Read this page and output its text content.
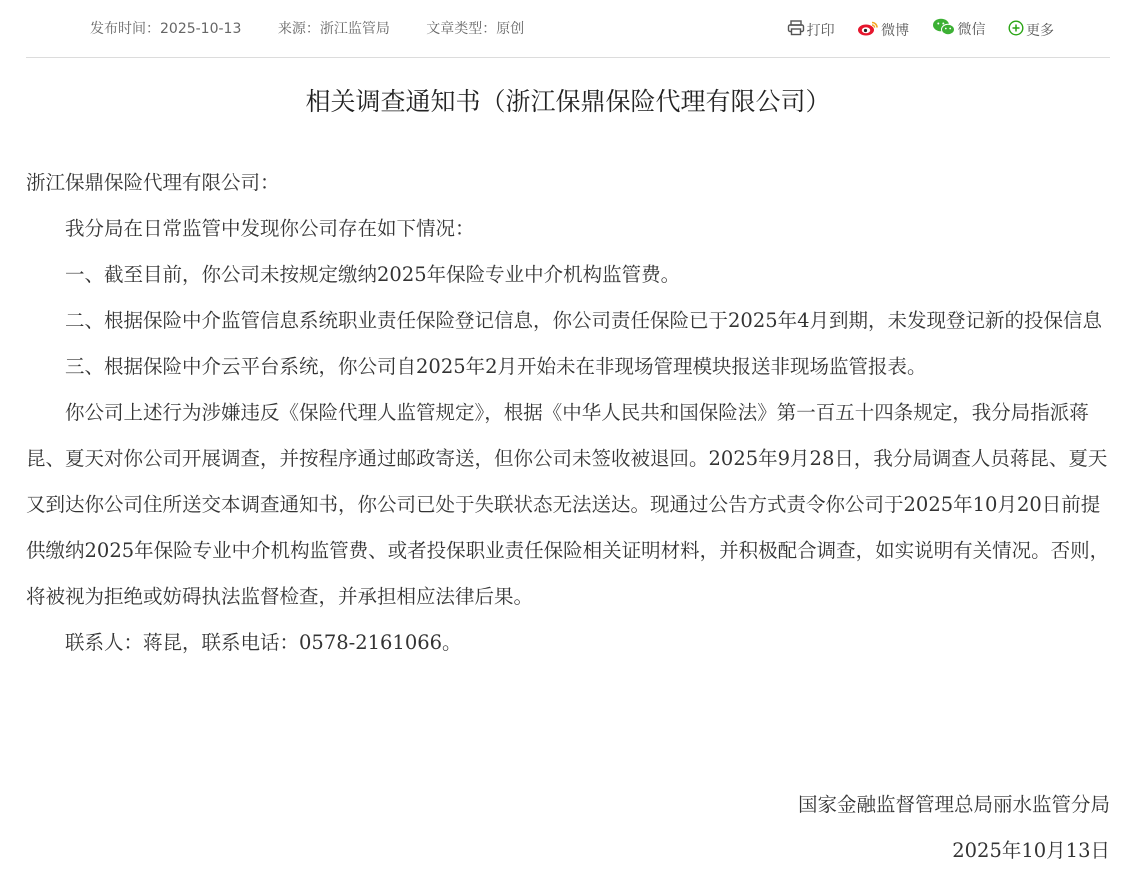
发布时间：2025-10-13	来源：浙江监管局	文章类型：原创	打印
	微博
	微信
	更多
相关调查通知书（浙江保鼎保险代理有限公司）

浙江保鼎保险代理有限公司：

我分局在日常监管中发现你公司存在如下情况：

一、截至目前，你公司未按规定缴纳2025年保险专业中介机构监管费。

二、根据保险中介监管信息系统职业责任保险登记信息，你公司责任保险已于2025年4月到期，未发现登记新的投保信息

三、根据保险中介云平台系统，你公司自2025年2月开始未在非现场管理模块报送非现场监管报表。

你公司上述行为涉嫌违反《保险代理人监管规定》，根据《中华人民共和国保险法》第一百五十四条规定，我分局指派蒋昆、夏天对你公司开展调查，并按程序通过邮政寄送，但你公司未签收被退回。2025年9月28日，我分局调查人员蒋昆、夏天又到达你公司住所送交本调查通知书，你公司已处于失联状态无法送达。现通过公告方式责令你公司于2025年10月20日前提供缴纳2025年保险专业中介机构监管费、或者投保职业责任保险相关证明材料，并积极配合调查，如实说明有关情况。否则，将被视为拒绝或妨碍执法监督检查，并承担相应法律后果。

联系人：蒋昆，联系电话：0578-2161066。

国家金融监督管理总局丽水监管分局
2025年10月13日
